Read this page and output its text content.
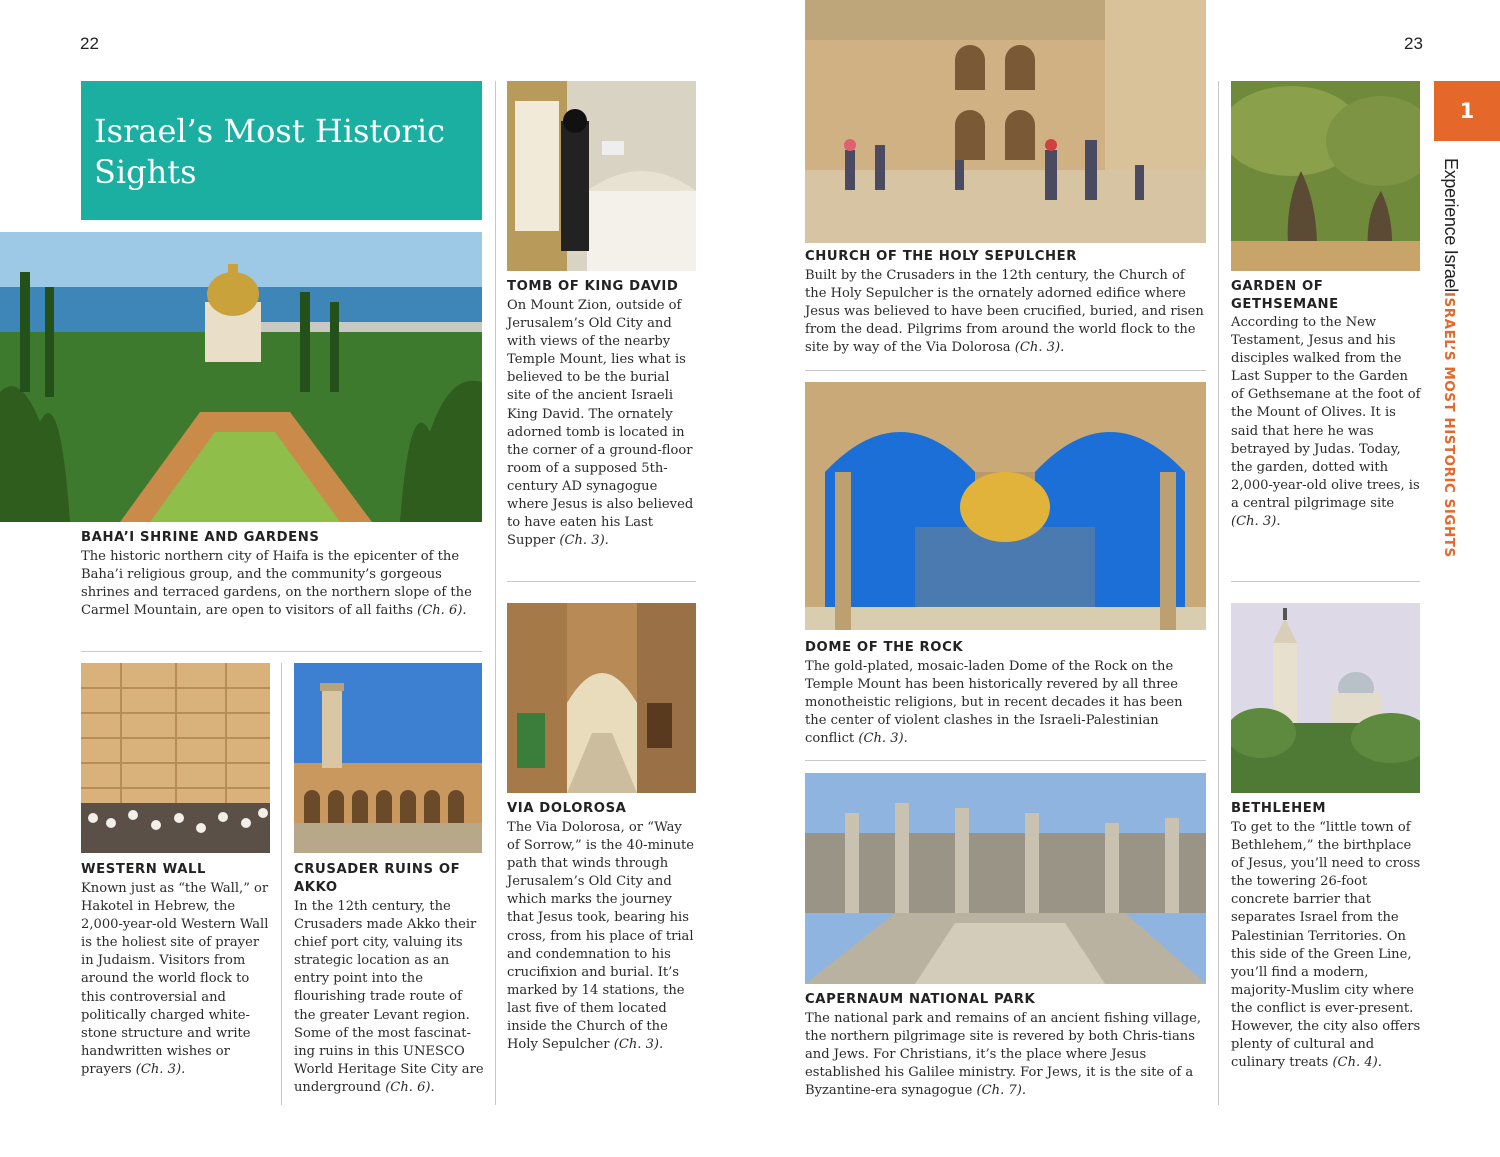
22	23
Israel’s Most Historic Sights
1
Experience Israel
ISRAEL’S MOST HISTORIC SIGHTS

BAHA’I SHRINE AND GARDENS

The historic northern city of Haifa is the epicenter of the Baha’i religious group, and the community’s gorgeous shrines and terraced gardens, on the northern slope of the Carmel Mountain, are open to visitors of all faiths (Ch. 6).

TOMB OF KING DAVID

On Mount Zion, outside of Jerusalem’s Old City and with views of the nearby Temple Mount, lies what is believed to be the burial site of the ancient Israeli King David. The ornately adorned tomb is located in the corner of a ground-floor room of a supposed 5th-century AD synagogue where Jesus is also believed to have eaten his Last Supper (Ch. 3).

WESTERN WALL

Known just as “the Wall,” or Hakotel in Hebrew, the 2,000-year-old Western Wall is the holiest site of prayer in Judaism. Visitors from around the world flock to this controversial and politically charged white-stone structure and write handwritten wishes or prayers (Ch. 3).

CRUSADER RUINS OF AKKO

In the 12th century, the Crusaders made Akko their chief port city, valuing its strategic location as an entry point into the flourishing trade route of the greater Levant region. Some of the most fascinat-ing ruins in this UNESCO World Heritage Site City are underground (Ch. 6).

VIA DOLOROSA

The Via Dolorosa, or “Way of Sorrow,” is the 40-minute path that winds through Jerusalem’s Old City and which marks the journey that Jesus took, bearing his cross, from his place of trial and condemnation to his crucifixion and burial. It’s marked by 14 stations, the last five of them located inside the Church of the Holy Sepulcher (Ch. 3).

CHURCH OF THE HOLY SEPULCHER

Built by the Crusaders in the 12th century, the Church of the Holy Sepulcher is the ornately adorned edifice where Jesus was believed to have been crucified, buried, and risen from the dead. Pilgrims from around the world flock to the site by way of the Via Dolorosa (Ch. 3).

DOME OF THE ROCK

The gold-plated, mosaic-laden Dome of the Rock on the Temple Mount has been historically revered by all three monotheistic religions, but in recent decades it has been the center of violent clashes in the Israeli-Palestinian conflict (Ch. 3).

CAPERNAUM NATIONAL PARK

The national park and remains of an ancient fishing village, the northern pilgrimage site is revered by both Chris-tians and Jews. For Christians, it’s the place where Jesus established his Galilee ministry. For Jews, it is the site of a Byzantine-era synagogue (Ch. 7).

GARDEN OF GETHSEMANE

According to the New Testament, Jesus and his disciples walked from the Last Supper to the Garden of Gethsemane at the foot of the Mount of Olives. It is said that here he was betrayed by Judas. Today, the garden, dotted with 2,000-year-old olive trees, is a central pilgrimage site (Ch. 3).

BETHLEHEM

To get to the “little town of Bethlehem,” the birthplace of Jesus, you’ll need to cross the towering 26-foot concrete barrier that separates Israel from the Palestinian Territories. On this side of the Green Line, you’ll find a modern, majority-Muslim city where the conflict is ever-present. However, the city also offers plenty of cultural and culinary treats (Ch. 4).
